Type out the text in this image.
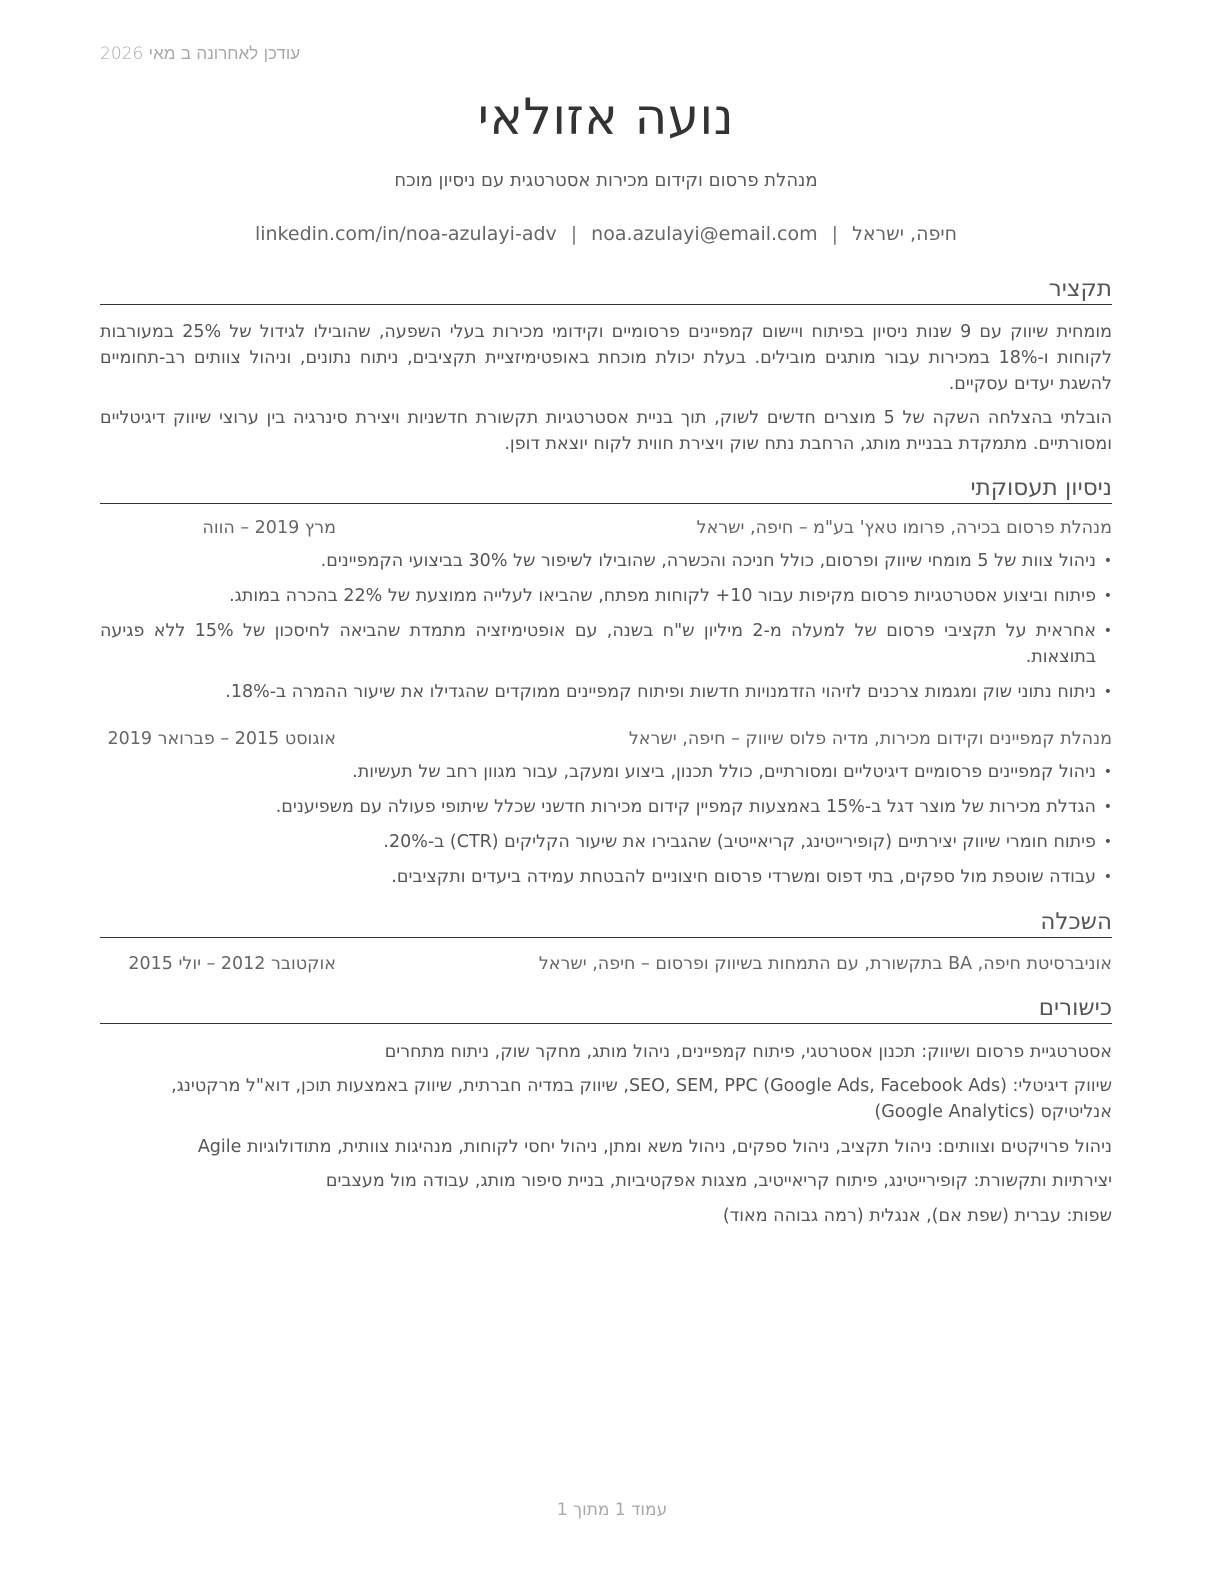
עודכן לאחרונה ב מאי 2026
נועה אזולאי
מנהלת פרסום וקידום מכירות אסטרטגית עם ניסיון מוכח
חיפה, ישראל|noa.azulayi@email.com|linkedin.com/in/noa-azulayi-adv
תקציר
מומחית שיווק עם 9 שנות ניסיון בפיתוח ויישום קמפיינים פרסומיים וקידומי מכירות בעלי השפעה, שהובילו לגידול של 25% במעורבות לקוחות ו-18% במכירות עבור מותגים מובילים. בעלת יכולת מוכחת באופטימיזציית תקציבים, ניתוח נתונים, וניהול צוותים רב-תחומיים להשגת יעדים עסקיים.
הובלתי בהצלחה השקה של 5 מוצרים חדשים לשוק, תוך בניית אסטרטגיות תקשורת חדשניות ויצירת סינרגיה בין ערוצי שיווק דיגיטליים ומסורתיים. מתמקדת בבניית מותג, הרחבת נתח שוק ויצירת חווית לקוח יוצאת דופן.
ניסיון תעסוקתי
מנהלת פרסום בכירה, פרומו טאץ' בע"מ – חיפה, ישראל
מרץ 2019 – הווה
•
ניהול צוות של 5 מומחי שיווק ופרסום, כולל חניכה והכשרה, שהובילו לשיפור של 30% בביצועי הקמפיינים.
•
פיתוח וביצוע אסטרטגיות פרסום מקיפות עבור 10+ לקוחות מפתח, שהביאו לעלייה ממוצעת של 22% בהכרה במותג.
•
אחראית על תקציבי פרסום של למעלה מ-2 מיליון ש"ח בשנה, עם אופטימיזציה מתמדת שהביאה לחיסכון של 15% ללא פגיעה בתוצאות.
•
ניתוח נתוני שוק ומגמות צרכנים לזיהוי הזדמנויות חדשות ופיתוח קמפיינים ממוקדים שהגדילו את שיעור ההמרה ב-18%.
מנהלת קמפיינים וקידום מכירות, מדיה פלוס שיווק – חיפה, ישראל
אוגוסט 2015 – פברואר 2019
•
ניהול קמפיינים פרסומיים דיגיטליים ומסורתיים, כולל תכנון, ביצוע ומעקב, עבור מגוון רחב של תעשיות.
•
הגדלת מכירות של מוצר דגל ב-15% באמצעות קמפיין קידום מכירות חדשני שכלל שיתופי פעולה עם משפיענים.
•
פיתוח חומרי שיווק יצירתיים (קופירייטינג, קריאייטיב) שהגבירו את שיעור הקליקים (CTR) ב-20%.
•
עבודה שוטפת מול ספקים, בתי דפוס ומשרדי פרסום חיצוניים להבטחת עמידה ביעדים ותקציבים.
השכלה
אוניברסיטת חיפה, BA בתקשורת, עם התמחות בשיווק ופרסום – חיפה, ישראל
אוקטובר 2012 – יולי 2015
כישורים
אסטרטגיית פרסום ושיווק: תכנון אסטרטגי, פיתוח קמפיינים, ניהול מותג, מחקר שוק, ניתוח מתחרים
שיווק דיגיטלי: SEO, SEM, PPC (Google Ads, Facebook Ads), שיווק במדיה חברתית, שיווק באמצעות תוכן, דוא"ל מרקטינג, אנליטיקס (Google Analytics)
ניהול פרויקטים וצוותים: ניהול תקציב, ניהול ספקים, ניהול משא ומתן, ניהול יחסי לקוחות, מנהיגות צוותית, מתודולוגיות Agile
יצירתיות ותקשורת: קופירייטינג, פיתוח קריאייטיב, מצגות אפקטיביות, בניית סיפור מותג, עבודה מול מעצבים
שפות: עברית (שפת אם), אנגלית (רמה גבוהה מאוד)
עמוד 1 מתוך 1
